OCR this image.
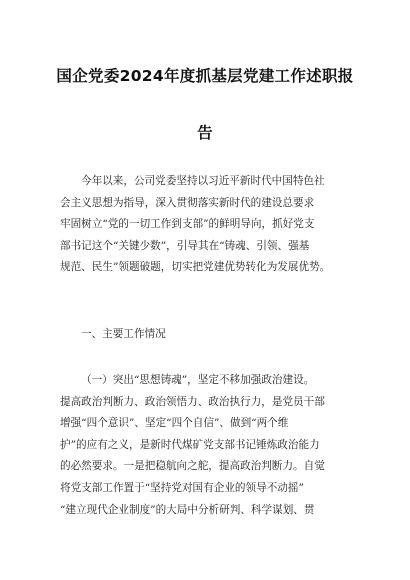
国企党委2024年度抓基层党建工作述职报
告
今年以来，公司党委坚持以习近平新时代中国特色社
会主义思想为指导，深入贯彻落实新时代的建设总要求
牢固树立“党的一切工作到支部”的鲜明导向，抓好党支
部书记这个“关键少数”，引导其在“铸魂、引领、强基
规范、民生”领题破题，切实把党建优势转化为发展优势。
一、主要工作情况
（一）突出“思想铸魂”，坚定不移加强政治建设。
提高政治判断力、政治领悟力、政治执行力，是党员干部
增强“四个意识”、坚定“四个自信”、做到“两个维
护”的应有之义，是新时代煤矿党支部书记锤炼政治能力
的必然要求。一是把稳航向之舵，提高政治判断力。自觉
将党支部工作置于“坚持党对国有企业的领导不动摇”
“建立现代企业制度”的大局中分析研判、科学谋划、贯
